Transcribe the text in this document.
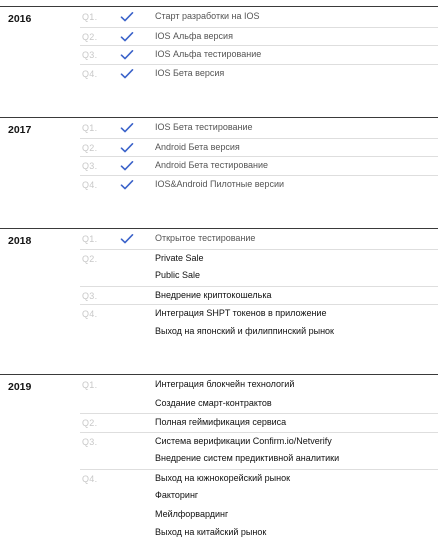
2016	Q1.	Старт разработки на IOS
Q2.	IOS Альфа версия
Q3.	IOS Альфа тестирование
Q4.	IOS Бета версия
2017	Q1.	IOS Бета тестирование
Q2.	Android Бета версия
Q3.	Android Бета тестирование
Q4.	IOS&Android Пилотные версии
2018	Q1.	Открытое тестирование
Q2.	Private Sale
Public Sale
Q3.	Внедрение криптокошелька
Q4.	Интеграция SHPT токенов в приложение
Выход на японский и филиппинский рынок
2019	Q1.	Интеграция блокчейн технологий
Создание смарт-контрактов
Q2.	Полная геймификация сервиса
Q3.	Система верификации Confirm.io/Netverify
Внедрение систем предиктивной аналитики
Q4.	Выход на южнокорейский рынок
Факторинг
Мейлфорвардинг
Выход на китайский рынок
